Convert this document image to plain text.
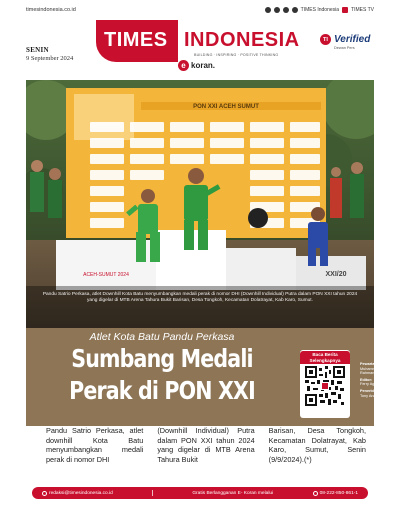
timesindonesia.co.id	TIMES Indonesia TIMES TV
SENIN
9 September 2024
TIMES INDONESIA
BUILDING · INSPIRING · POSITIVE THINKING
e koran.
TI Verified
Dewan Pers
PON XXI ACEH SUMUT
ACEH-SUMUT 2024	XXI/20
Pandu Satrio Perkasa, atlet Downhill Kota Batu menyumbangkan medali perak di nomor DHI (Downhill Individual) Putra dalam PON XXI tahun 2024 yang digelar di MTB Arena Tahura Bukit Barisan, Desa Tongkoh, Kecamatan Dolatrayat, Kab Karo, Sumut.
Atlet Kota Batu Pandu Perkasa
Sumbang Medali
Perak di PON XXI
Baca Berita Selengkapnya
Pewarta:
Muhammad Dhani Rahman
Editor:
Ferry Agusta Satrio
Penerbit:
Tony Andika Putra

Pandu Satrio Perkasa, atlet downhill Kota Batu menyumbangkan medali perak di nomor DHI

(Downhill Individual) Putra dalam PON XXI tahun 2024 yang digelar di MTB Arena Tahura Bukit

Barisan, Desa Tongkoh, Kecamatan Dolatrayat, Kab Karo, Sumut, Senin (9/9/2024).(*)

redaksi@timesindonesia.co.id	Gratis Berlangganan E- Koran melalui	08-222-850-861-1
